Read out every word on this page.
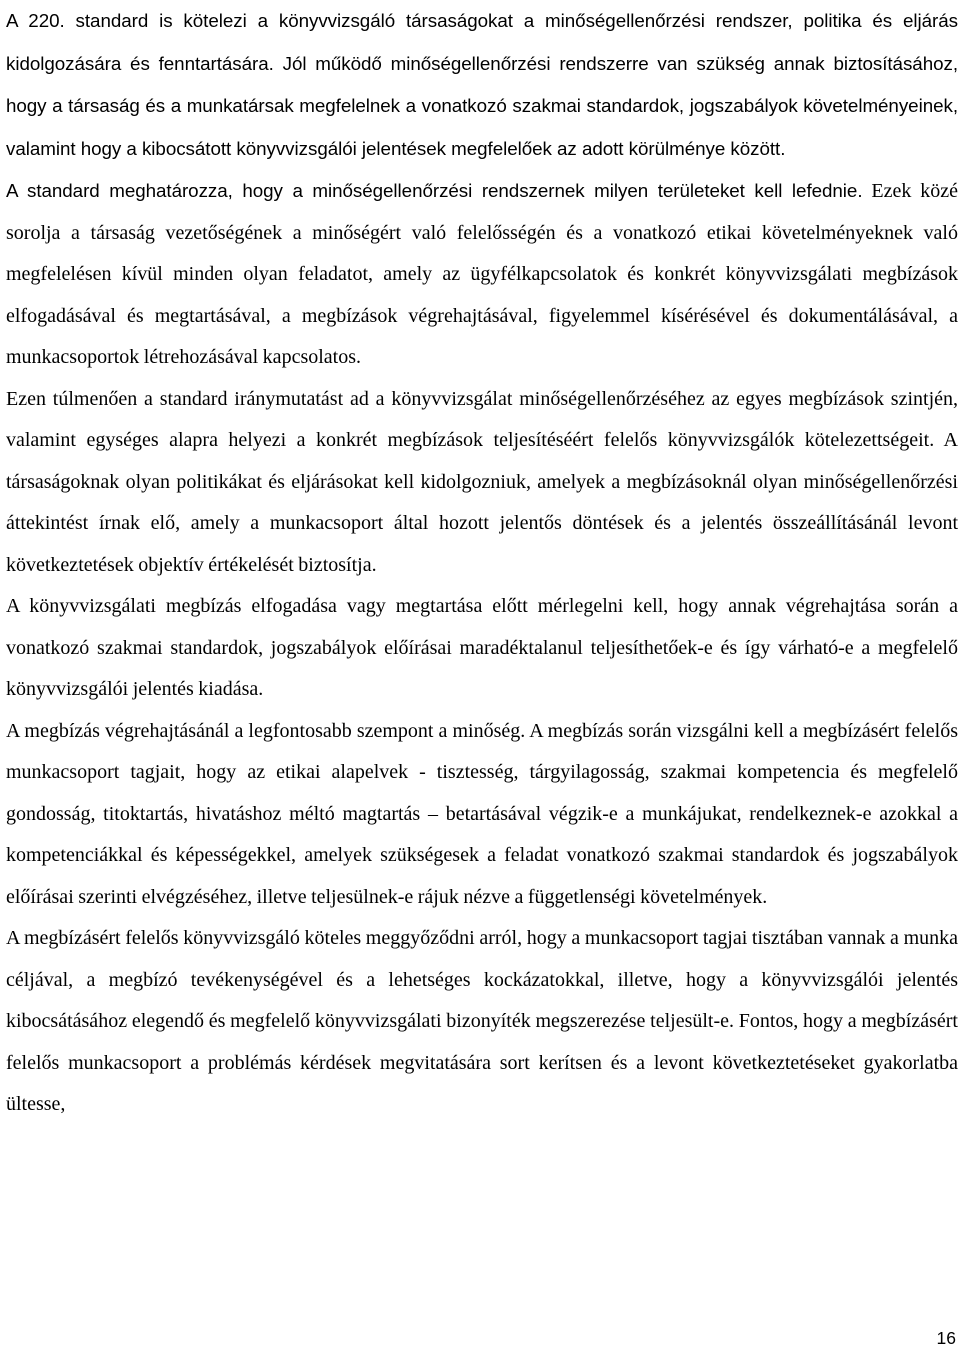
A 220. standard is kötelezi a könyvvizsgáló társaságokat a minőségellenőrzési rendszer, politika és eljárás kidolgozására és fenntartására. Jól működő minőségellenőrzési rendszerre van szükség annak biztosításához, hogy a társaság és a munkatársak megfelelnek a vonatkozó szakmai standardok, jogszabályok követelményeinek, valamint hogy a kibocsátott könyvvizsgálói jelentések megfelelőek az adott körülménye között.

A standard meghatározza, hogy a minőségellenőrzési rendszernek milyen területeket kell lefednie. Ezek közé sorolja a társaság vezetőségének a minőségért való felelősségén és a vonatkozó etikai követelményeknek való megfelelésen kívül minden olyan feladatot, amely az ügyfélkapcsolatok és konkrét könyvvizsgálati megbízások elfogadásával és megtartásával, a megbízások végrehajtásával, figyelemmel kísérésével és dokumentálásával, a munkacsoportok létrehozásával kapcsolatos.

Ezen túlmenően a standard iránymutatást ad a könyvvizsgálat minőségellenőrzéséhez az egyes megbízások szintjén, valamint egységes alapra helyezi a konkrét megbízások teljesítéséért felelős könyvvizsgálók kötelezettségeit. A társaságoknak olyan politikákat és eljárásokat kell kidolgozniuk, amelyek a megbízásoknál olyan minőségellenőrzési áttekintést írnak elő, amely a munkacsoport által hozott jelentős döntések és a jelentés összeállításánál levont következtetések objektív értékelését biztosítja.

A könyvvizsgálati megbízás elfogadása vagy megtartása előtt mérlegelni kell, hogy annak végrehajtása során a vonatkozó szakmai standardok, jogszabályok előírásai maradéktalanul teljesíthetőek-e és így várható-e a megfelelő könyvvizsgálói jelentés kiadása.

A megbízás végrehajtásánál a legfontosabb szempont a minőség. A megbízás során vizsgálni kell a megbízásért felelős munkacsoport tagjait, hogy az etikai alapelvek - tisztesség, tárgyilagosság, szakmai kompetencia és megfelelő gondosság, titoktartás, hivatáshoz méltó magtartás – betartásával végzik-e a munkájukat, rendelkeznek-e azokkal a kompetenciákkal és képességekkel, amelyek szükségesek a feladat vonatkozó szakmai standardok és jogszabályok előírásai szerinti elvégzéséhez, illetve teljesülnek-e rájuk nézve a függetlenségi követelmények.

A megbízásért felelős könyvvizsgáló köteles meggyőződni arról, hogy a munkacsoport tagjai tisztában vannak a munka céljával, a megbízó tevékenységével és a lehetséges kockázatokkal, illetve, hogy a könyvvizsgálói jelentés kibocsátásához elegendő és megfelelő könyvvizsgálati bizonyíték megszerezése teljesült-e. Fontos, hogy a megbízásért felelős munkacsoport a problémás kérdések megvitatására sort kerítsen és a levont következtetéseket gyakorlatba ültesse,

16
